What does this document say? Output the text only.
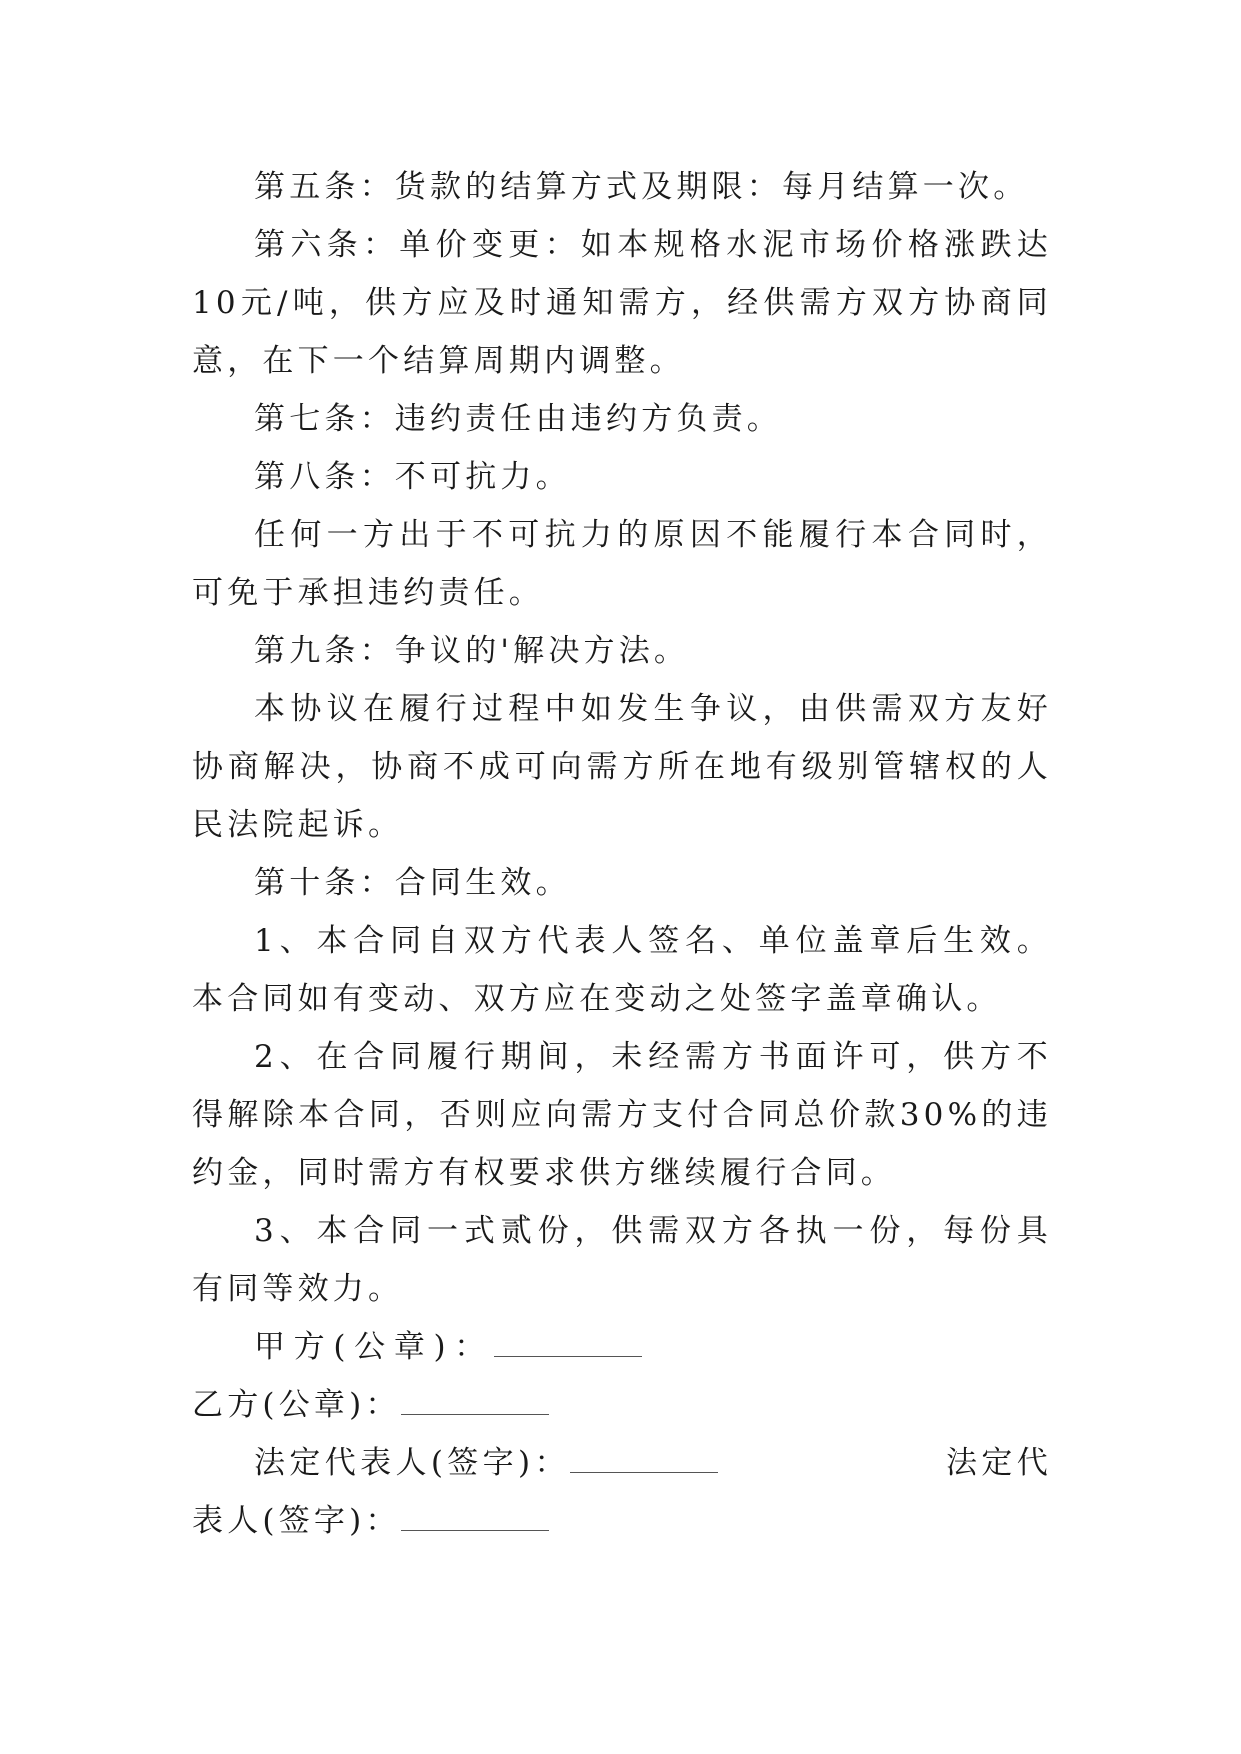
第五条：货款的结算方式及期限：每月结算一次。

第六条：单价变更：如本规格水泥市场价格涨跌达10元/吨，供方应及时通知需方，经供需方双方协商同意，在下一个结算周期内调整。

第七条：违约责任由违约方负责。

第八条：不可抗力。

任何一方出于不可抗力的原因不能履行本合同时，可免于承担违约责任。

第九条：争议的'解决方法。

本协议在履行过程中如发生争议，由供需双方友好协商解决，协商不成可向需方所在地有级别管辖权的人民法院起诉。

第十条：合同生效。

1、本合同自双方代表人签名、单位盖章后生效。本合同如有变动、双方应在变动之处签字盖章确认。

2、在合同履行期间，未经需方书面许可，供方不得解除本合同，否则应向需方支付合同总价款30%的违约金，同时需方有权要求供方继续履行合同。

3、本合同一式贰份，供需双方各执一份，每份具有同等效力。

甲方(公章)：乙方(公章)：

法定代表人(签字)：	法定代表人(签字)：
